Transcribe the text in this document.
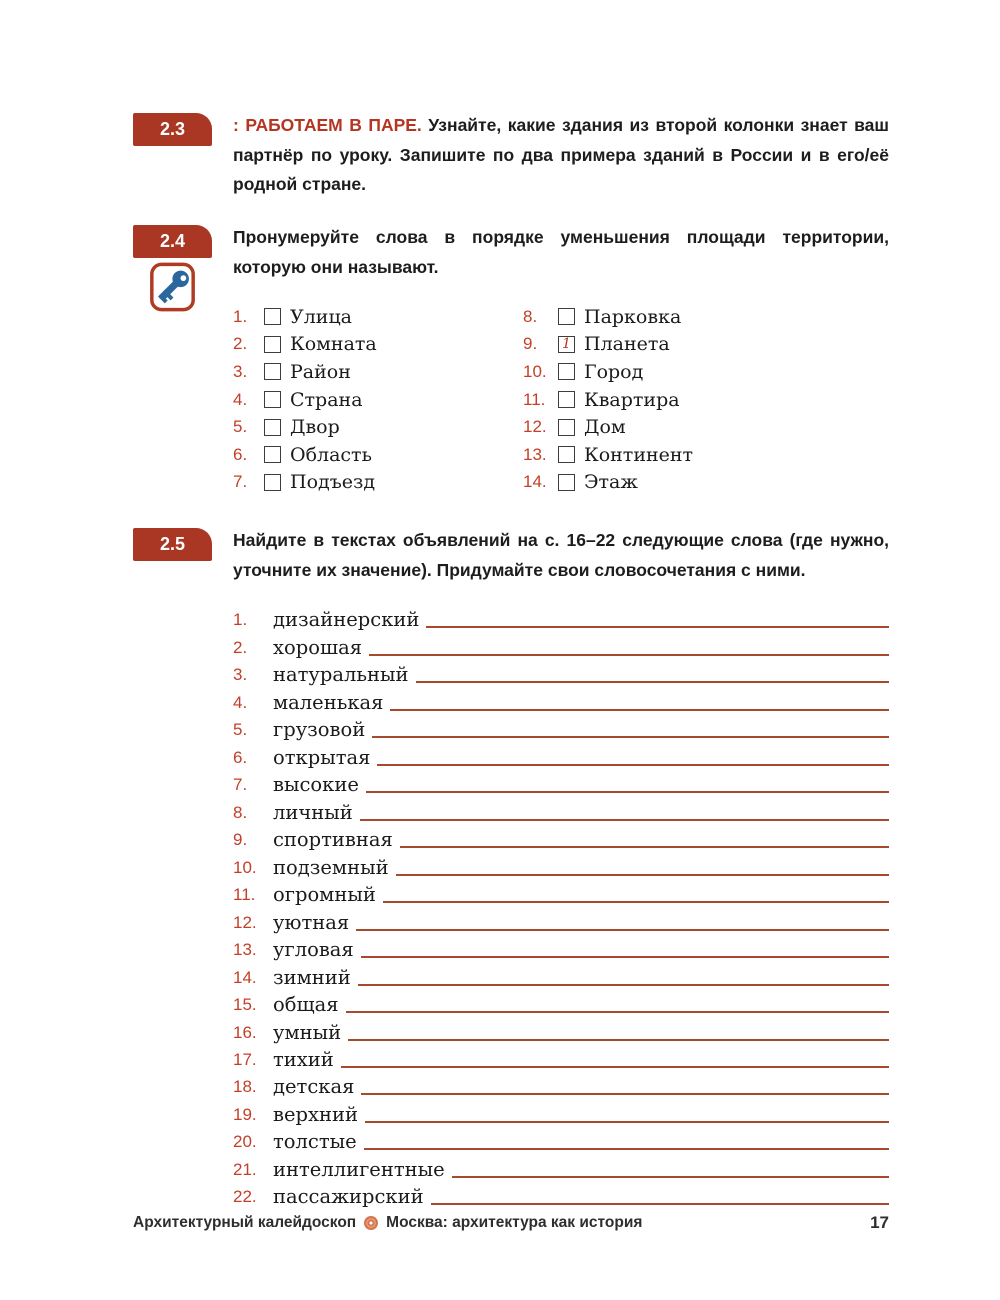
2.3	: РАБОТАЕМ В ПАРЕ. Узнайте, какие здания из второй колонки знает ваш партнёр по уроку. Запишите по два примера зданий в России и в его/её родной стране.

2.4	Пронумеруйте слова в порядке уменьшения площади территории, которую они называют.

1.	Улица
2.	Комната
3.	Район
4.	Страна
5.	Двор
6.	Область
7.	Подъезд
8.	Парковка
9.	1 Планета
10.	Город
11.	Квартира
12.	Дом
13.	Континент
14.	Этаж
2.5	Найдите в текстах объявлений на с. 16–22 следующие слова (где нужно, уточните их значение). Придумайте свои словосочетания с ними.

1.	дизайнерский
2.	хорошая
3.	натуральный
4.	маленькая
5.	грузовой
6.	открытая
7.	высокие
8.	личный
9.	спортивная
10. подземный
11. огромный
12. уютная
13. угловая
14. зимний
15. общая
16. умный
17. тихий
18. детская
19. верхний
20. толстые
21. интеллигентные
22. пассажирский
Архитектурный калейдоскоп Москва: архитектура как история	17
